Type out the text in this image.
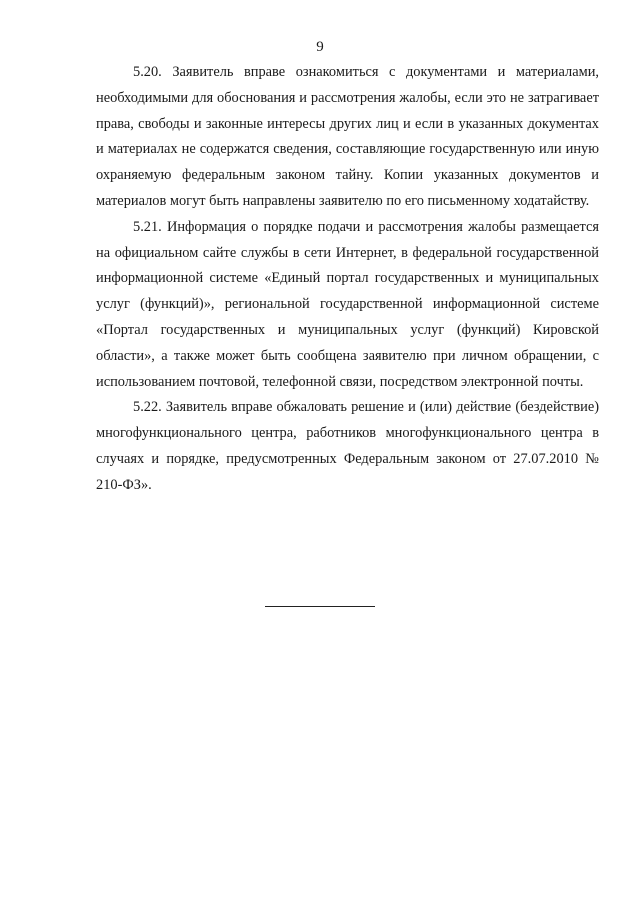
9

5.20. Заявитель вправе ознакомиться с документами и материалами, необходимыми для обоснования и рассмотрения жалобы, если это не затрагивает права, свободы и законные интересы других лиц и если в указанных документах и материалах не содержатся сведения, составляющие государственную или иную охраняемую федеральным законом тайну. Копии указанных документов и материалов могут быть направлены заявителю по его письменному ходатайству.

5.21. Информация о порядке подачи и рассмотрения жалобы размещается на официальном сайте службы в сети Интернет, в федеральной государственной информационной системе «Единый портал государственных и муниципальных услуг (функций)», региональной государственной информационной системе «Портал государственных и муниципальных услуг (функций) Кировской области», а также может быть сообщена заявителю при личном обращении, с использованием почтовой, телефонной связи, посредством электронной почты.

5.22. Заявитель вправе обжаловать решение и (или) действие (бездействие) многофункционального центра, работников многофункционального центра в случаях и порядке, предусмотренных Федеральным законом от 27.07.2010 № 210-ФЗ».
